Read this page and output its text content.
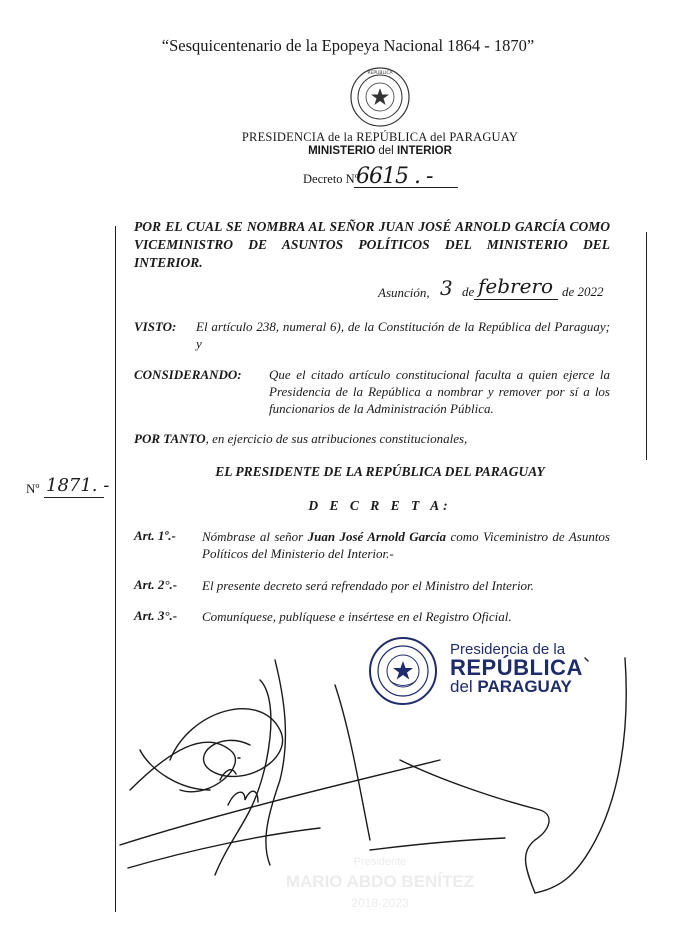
“Sesquicentenario de la Epopeya Nacional 1864 - 1870”
REPÚBLICA
PRESIDENCIA de la REPÚBLICA del PARAGUAY
MINISTERIO del INTERIOR
Decreto Nº
6615 . -
POR EL CUAL SE NOMBRA AL SEÑOR JUAN JOSÉ ARNOLD GARCÍA COMO VICEMINISTRO DE ASUNTOS POLÍTICOS DEL MINISTERIO DEL INTERIOR.
Asunción, 3 de febrero de 2022
VISTO: El artículo 238, numeral 6), de la Constitución de la República del Paraguay; y
CONSIDERANDO: Que el citado artículo constitucional faculta a quien ejerce la Presidencia de la República a nombrar y remover por sí a los funcionarios de la Administración Pública.
POR TANTO, en ejercicio de sus atribuciones constitucionales,
Nº 1871. -
EL PRESIDENTE DE LA REPÚBLICA DEL PARAGUAY
D E C R E T A:
Art. 1º.- Nómbrase al señor Juan José Arnold García como Viceministro de Asuntos Políticos del Ministerio del Interior.-
Art. 2°.- El presente decreto será refrendado por el Ministro del Interior.
Art. 3°.- Comuníquese, publíquese e insértese en el Registro Oficial.
Presidencia de la
REPÚBLICA
del PARAGUAY
Presidente
MARIO ABDO BENÍTEZ
2018-2023
